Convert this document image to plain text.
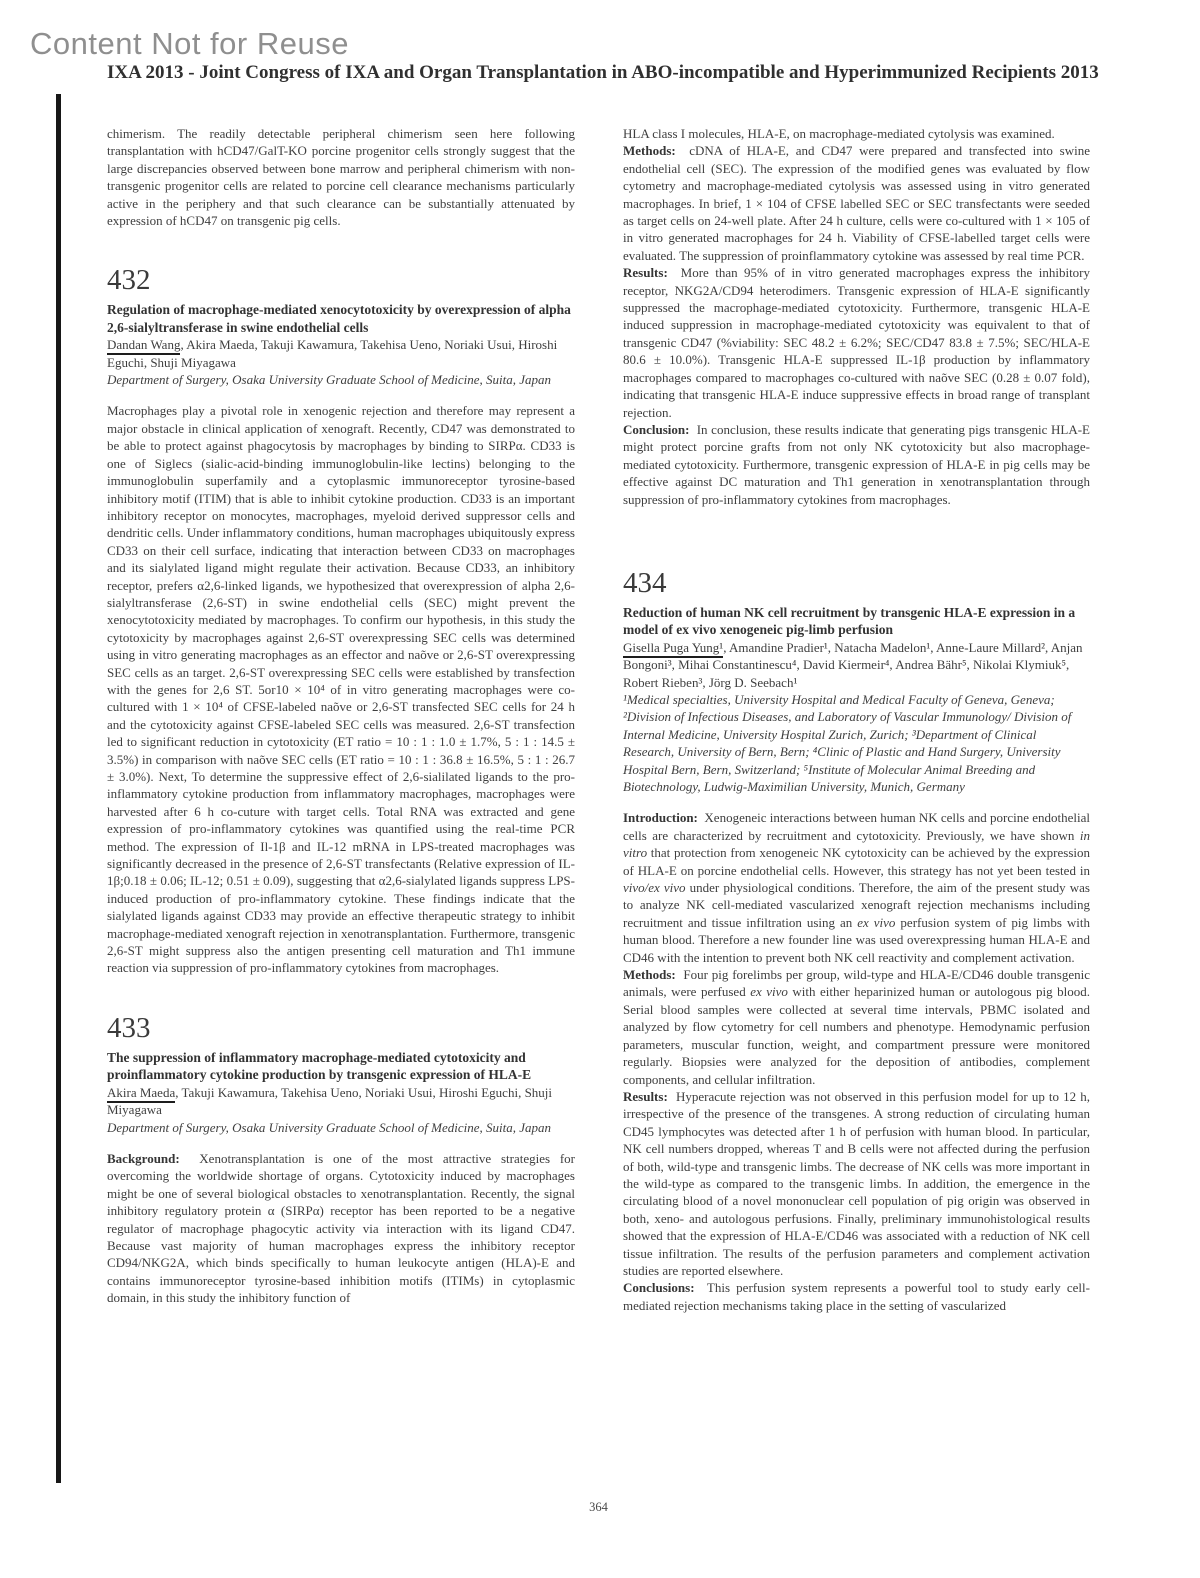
Content Not for Reuse
IXA 2013 - Joint Congress of IXA and Organ Transplantation in ABO-incompatible and Hyperimmunized Recipients 2013

chimerism. The readily detectable peripheral chimerism seen here following transplantation with hCD47/GalT-KO porcine progenitor cells strongly suggest that the large discrepancies observed between bone marrow and peripheral chimerism with non-transgenic progenitor cells are related to porcine cell clearance mechanisms particularly active in the periphery and that such clearance can be substantially attenuated by expression of hCD47 on transgenic pig cells.

432

Regulation of macrophage-mediated xenocytotoxicity by overexpression of alpha 2,6-sialyltransferase in swine endothelial cells

Dandan Wang, Akira Maeda, Takuji Kawamura, Takehisa Ueno, Noriaki Usui, Hiroshi Eguchi, Shuji Miyagawa

Department of Surgery, Osaka University Graduate School of Medicine, Suita, Japan

Macrophages play a pivotal role in xenogenic rejection and therefore may represent a major obstacle in clinical application of xenograft. Recently, CD47 was demonstrated to be able to protect against phagocytosis by macrophages by binding to SIRPα. CD33 is one of Siglecs (sialic-acid-binding immunoglobulin-like lectins) belonging to the immunoglobulin superfamily and a cytoplasmic immunoreceptor tyrosine-based inhibitory motif (ITIM) that is able to inhibit cytokine production. CD33 is an important inhibitory receptor on monocytes, macrophages, myeloid derived suppressor cells and dendritic cells. Under inflammatory conditions, human macrophages ubiquitously express CD33 on their cell surface, indicating that interaction between CD33 on macrophages and its sialylated ligand might regulate their activation. Because CD33, an inhibitory receptor, prefers α2,6-linked ligands, we hypothesized that overexpression of alpha 2,6-sialyltransferase (2,6-ST) in swine endothelial cells (SEC) might prevent the xenocytotoxicity mediated by macrophages. To confirm our hypothesis, in this study the cytotoxicity by macrophages against 2,6-ST overexpressing SEC cells was determined using in vitro generating macrophages as an effector and naõve or 2,6-ST overexpressing SEC cells as an target. 2,6-ST overexpressing SEC cells were established by transfection with the genes for 2,6 ST. 5or10 × 10⁴ of in vitro generating macrophages were co-cultured with 1 × 10⁴ of CFSE-labeled naõve or 2,6-ST transfected SEC cells for 24 h and the cytotoxicity against CFSE-labeled SEC cells was measured. 2,6-ST transfection led to significant reduction in cytotoxicity (ET ratio = 10 : 1 : 1.0 ± 1.7%, 5 : 1 : 14.5 ± 3.5%) in comparison with naõve SEC cells (ET ratio = 10 : 1 : 36.8 ± 16.5%, 5 : 1 : 26.7 ± 3.0%). Next, To determine the suppressive effect of 2,6-sialilated ligands to the pro-inflammatory cytokine production from inflammatory macrophages, macrophages were harvested after 6 h co-cuture with target cells. Total RNA was extracted and gene expression of pro-inflammatory cytokines was quantified using the real-time PCR method. The expression of Il-1β and IL-12 mRNA in LPS-treated macrophages was significantly decreased in the presence of 2,6-ST transfectants (Relative expression of IL-1β;0.18 ± 0.06; IL-12; 0.51 ± 0.09), suggesting that α2,6-sialylated ligands suppress LPS-induced production of pro-inflammatory cytokine. These findings indicate that the sialylated ligands against CD33 may provide an effective therapeutic strategy to inhibit macrophage-mediated xenograft rejection in xenotransplantation. Furthermore, transgenic 2,6-ST might suppress also the antigen presenting cell maturation and Th1 immune reaction via suppression of pro-inflammatory cytokines from macrophages.

433

The suppression of inflammatory macrophage-mediated cytotoxicity and proinflammatory cytokine production by transgenic expression of HLA-E

Akira Maeda, Takuji Kawamura, Takehisa Ueno, Noriaki Usui, Hiroshi Eguchi, Shuji Miyagawa

Department of Surgery, Osaka University Graduate School of Medicine, Suita, Japan

Background:  Xenotransplantation is one of the most attractive strategies for overcoming the worldwide shortage of organs. Cytotoxicity induced by macrophages might be one of several biological obstacles to xenotransplantation. Recently, the signal inhibitory regulatory protein α (SIRPα) receptor has been reported to be a negative regulator of macrophage phagocytic activity via interaction with its ligand CD47. Because vast majority of human macrophages express the inhibitory receptor CD94/NKG2A, which binds specifically to human leukocyte antigen (HLA)-E and contains immunoreceptor tyrosine-based inhibition motifs (ITIMs) in cytoplasmic domain, in this study the inhibitory function of

HLA class I molecules, HLA-E, on macrophage-mediated cytolysis was examined.

Methods:  cDNA of HLA-E, and CD47 were prepared and transfected into swine endothelial cell (SEC). The expression of the modified genes was evaluated by flow cytometry and macrophage-mediated cytolysis was assessed using in vitro generated macrophages. In brief, 1 × 104 of CFSE labelled SEC or SEC transfectants were seeded as target cells on 24-well plate. After 24 h culture, cells were co-cultured with 1 × 105 of in vitro generated macrophages for 24 h. Viability of CFSE-labelled target cells were evaluated. The suppression of proinflammatory cytokine was assessed by real time PCR.

Results:  More than 95% of in vitro generated macrophages express the inhibitory receptor, NKG2A/CD94 heterodimers. Transgenic expression of HLA-E significantly suppressed the macrophage-mediated cytotoxicity. Furthermore, transgenic HLA-E induced suppression in macrophage-mediated cytotoxicity was equivalent to that of transgenic CD47 (%viability: SEC 48.2 ± 6.2%; SEC/CD47 83.8 ± 7.5%; SEC/HLA-E 80.6 ± 10.0%). Transgenic HLA-E suppressed IL-1β production by inflammatory macrophages compared to macrophages co-cultured with naõve SEC (0.28 ± 0.07 fold), indicating that transgenic HLA-E induce suppressive effects in broad range of transplant rejection.

Conclusion:  In conclusion, these results indicate that generating pigs transgenic HLA-E might protect porcine grafts from not only NK cytotoxicity but also macrophage-mediated cytotoxicity. Furthermore, transgenic expression of HLA-E in pig cells may be effective against DC maturation and Th1 generation in xenotransplantation through suppression of pro-inflammatory cytokines from macrophages.

434

Reduction of human NK cell recruitment by transgenic HLA-E expression in a model of ex vivo xenogeneic pig-limb perfusion

Gisella Puga Yung¹, Amandine Pradier¹, Natacha Madelon¹, Anne-Laure Millard², Anjan Bongoni³, Mihai Constantinescu⁴, David Kiermeir⁴, Andrea Bähr⁵, Nikolai Klymiuk⁵, Robert Rieben³, Jörg D. Seebach¹

¹Medical specialties, University Hospital and Medical Faculty of Geneva, Geneva; ²Division of Infectious Diseases, and Laboratory of Vascular Immunology/ Division of Internal Medicine, University Hospital Zurich, Zurich; ³Department of Clinical Research, University of Bern, Bern; ⁴Clinic of Plastic and Hand Surgery, University Hospital Bern, Bern, Switzerland; ⁵Institute of Molecular Animal Breeding and Biotechnology, Ludwig-Maximilian University, Munich, Germany

Introduction:  Xenogeneic interactions between human NK cells and porcine endothelial cells are characterized by recruitment and cytotoxicity. Previously, we have shown in vitro that protection from xenogeneic NK cytotoxicity can be achieved by the expression of HLA-E on porcine endothelial cells. However, this strategy has not yet been tested in vivo/ex vivo under physiological conditions. Therefore, the aim of the present study was to analyze NK cell-mediated vascularized xenograft rejection mechanisms including recruitment and tissue infiltration using an ex vivo perfusion system of pig limbs with human blood. Therefore a new founder line was used overexpressing human HLA-E and CD46 with the intention to prevent both NK cell reactivity and complement activation.

Methods:  Four pig forelimbs per group, wild-type and HLA-E/CD46 double transgenic animals, were perfused ex vivo with either heparinized human or autologous pig blood. Serial blood samples were collected at several time intervals, PBMC isolated and analyzed by flow cytometry for cell numbers and phenotype. Hemodynamic perfusion parameters, muscular function, weight, and compartment pressure were monitored regularly. Biopsies were analyzed for the deposition of antibodies, complement components, and cellular infiltration.

Results:  Hyperacute rejection was not observed in this perfusion model for up to 12 h, irrespective of the presence of the transgenes. A strong reduction of circulating human CD45 lymphocytes was detected after 1 h of perfusion with human blood. In particular, NK cell numbers dropped, whereas T and B cells were not affected during the perfusion of both, wild-type and transgenic limbs. The decrease of NK cells was more important in the wild-type as compared to the transgenic limbs. In addition, the emergence in the circulating blood of a novel mononuclear cell population of pig origin was observed in both, xeno- and autologous perfusions. Finally, preliminary immunohistological results showed that the expression of HLA-E/CD46 was associated with a reduction of NK cell tissue infiltration. The results of the perfusion parameters and complement activation studies are reported elsewhere.

Conclusions:  This perfusion system represents a powerful tool to study early cell-mediated rejection mechanisms taking place in the setting of vascularized

364
